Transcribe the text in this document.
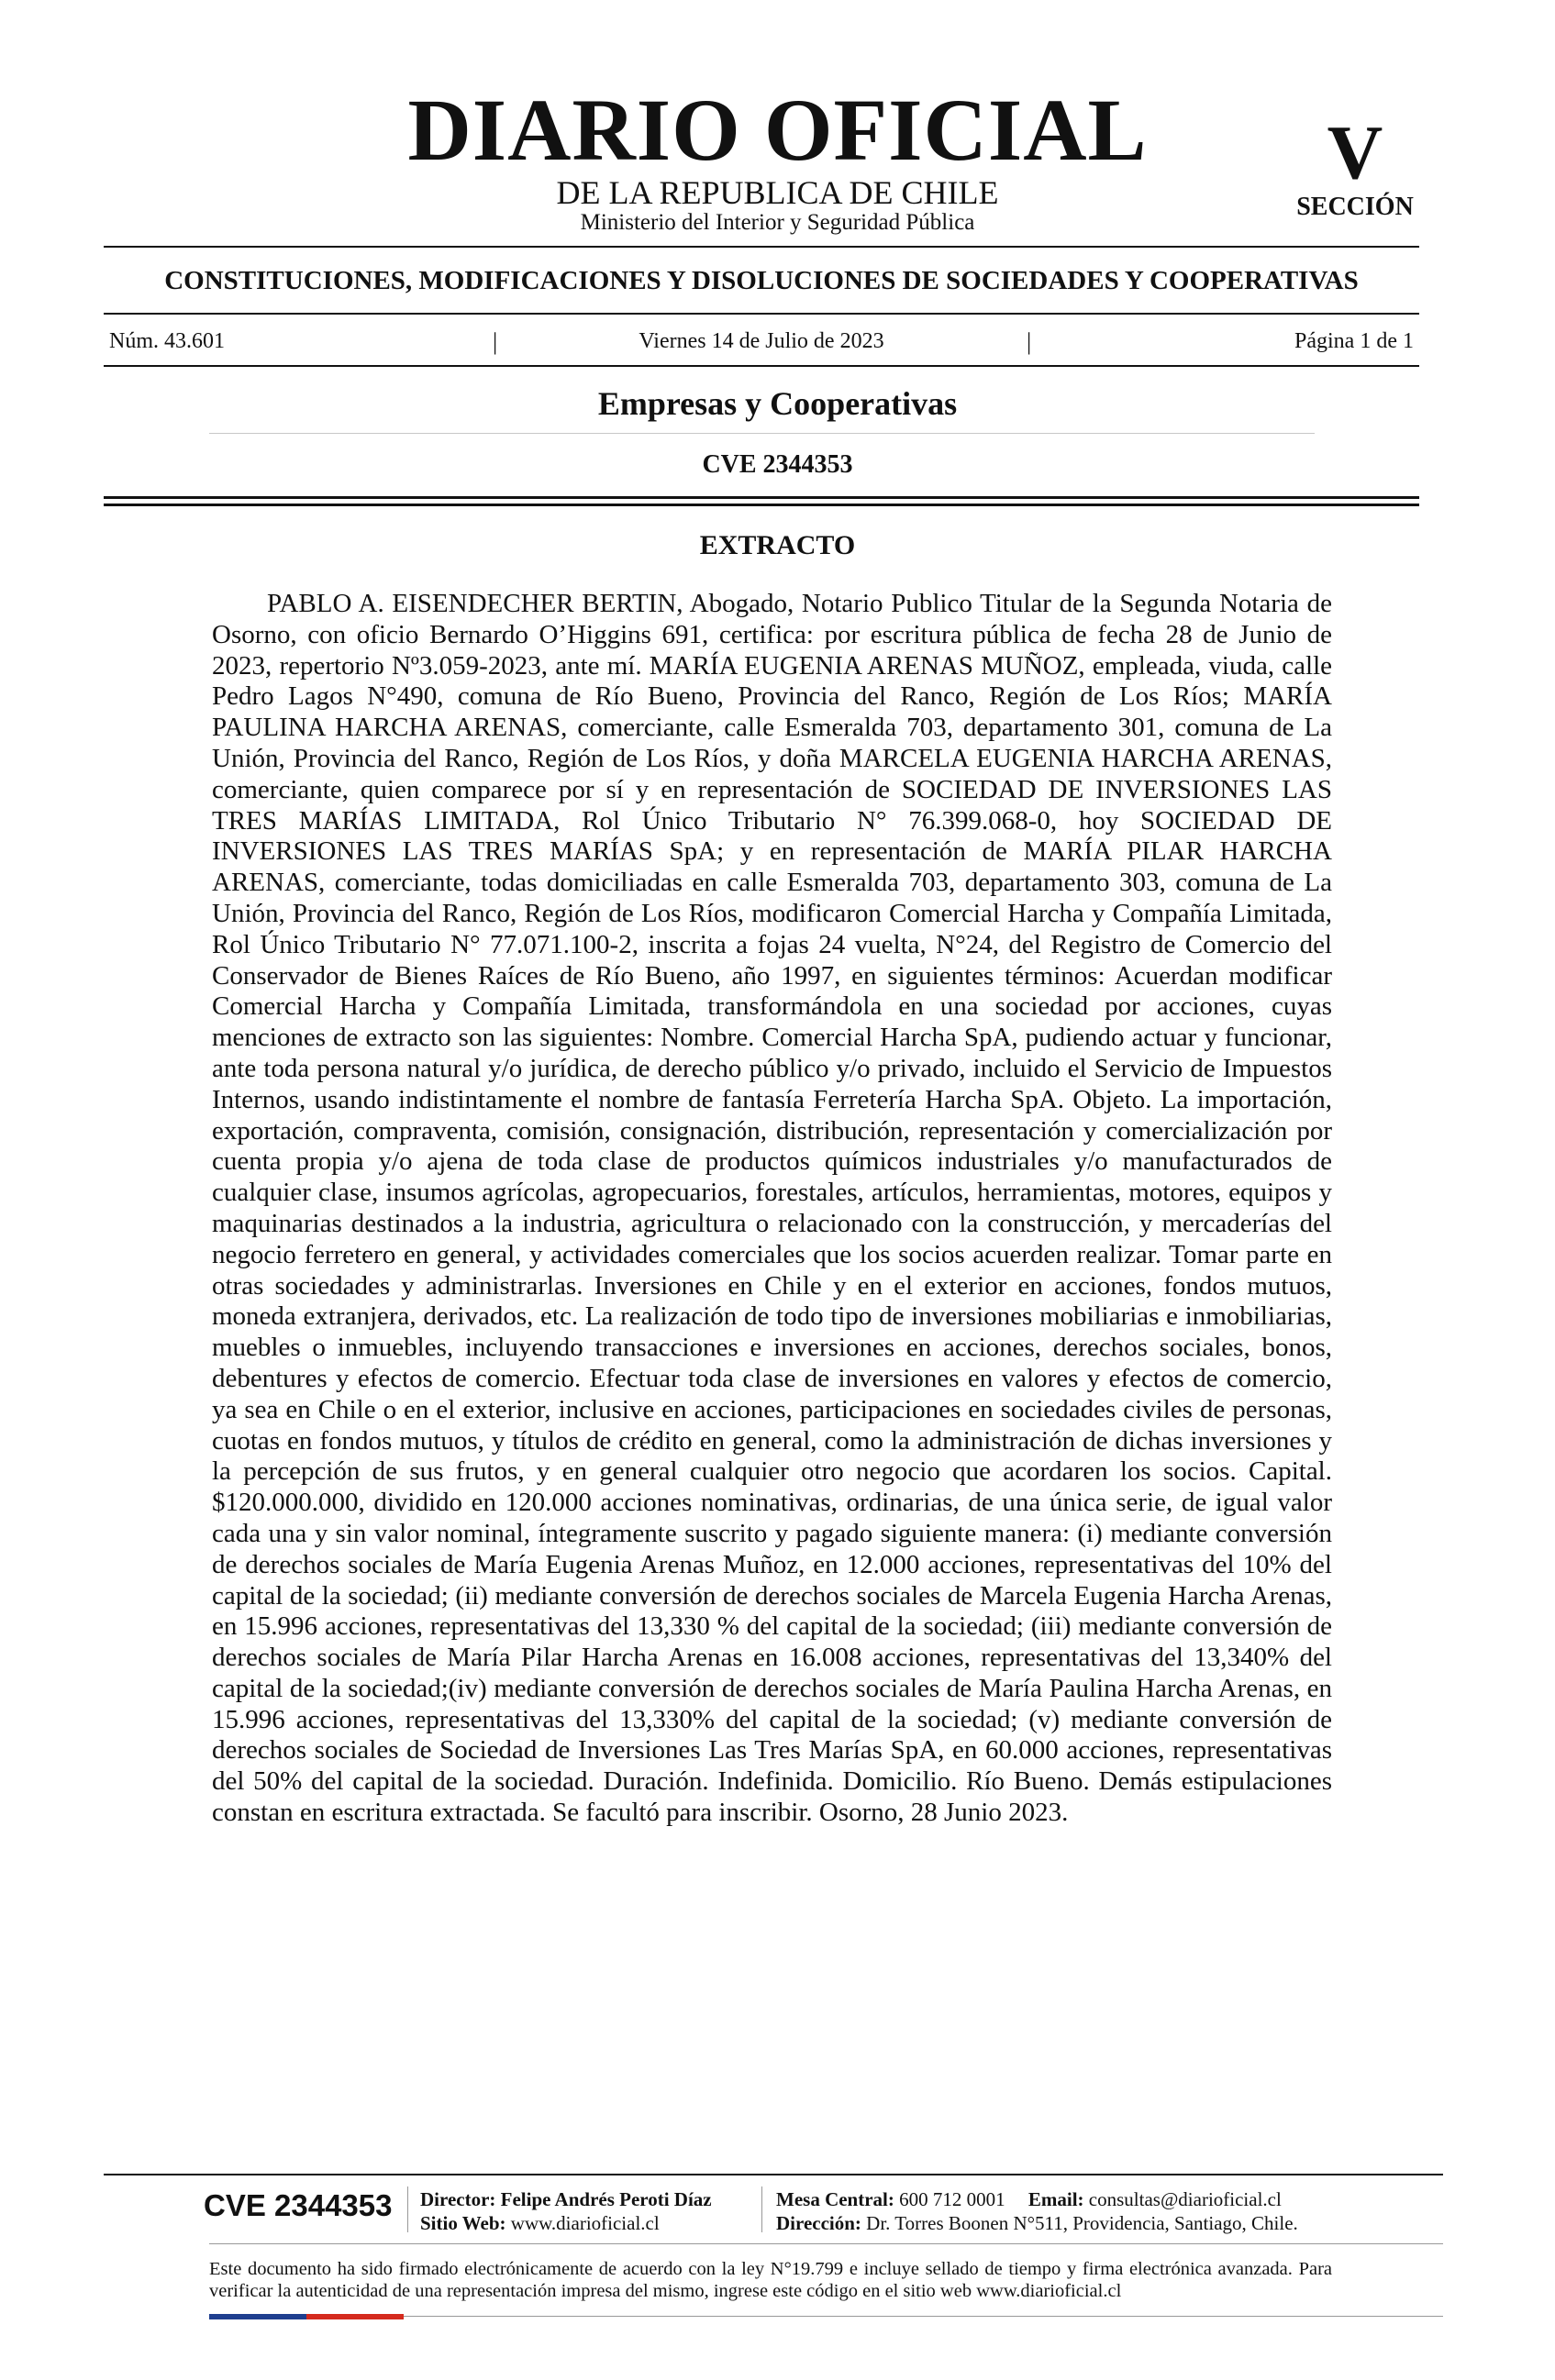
DIARIO OFICIAL
DE LA REPUBLICA DE CHILE
Ministerio del Interior y Seguridad Pública
V
SECCIÓN
CONSTITUCIONES, MODIFICACIONES Y DISOLUCIONES DE SOCIEDADES Y COOPERATIVAS
Núm. 43.601	|	Viernes 14 de Julio de 2023	|	Página 1 de 1
Empresas y Cooperativas
CVE 2344353
EXTRACTO

PABLO A. EISENDECHER BERTIN, Abogado, Notario Publico Titular de la Segunda Notaria de Osorno, con oficio Bernardo O’Higgins 691, certifica: por escritura pública de fecha 28 de Junio de 2023, repertorio Nº3.059-2023, ante mí. MARÍA EUGENIA ARENAS MUÑOZ, empleada, viuda, calle Pedro Lagos N°490, comuna de Río Bueno, Provincia del Ranco, Región de Los Ríos; MARÍA PAULINA HARCHA ARENAS, comerciante, calle Esmeralda 703, departamento 301, comuna de La Unión, Provincia del Ranco, Región de Los Ríos, y doña MARCELA EUGENIA HARCHA ARENAS, comerciante, quien comparece por sí y en representación de SOCIEDAD DE INVERSIONES LAS TRES MARÍAS LIMITADA, Rol Único Tributario N° 76.399.068-0, hoy SOCIEDAD DE INVERSIONES LAS TRES MARÍAS SpA; y en representación de MARÍA PILAR HARCHA ARENAS, comerciante, todas domiciliadas en calle Esmeralda 703, departamento 303, comuna de La Unión, Provincia del Ranco, Región de Los Ríos, modificaron Comercial Harcha y Compañía Limitada, Rol Único Tributario N° 77.071.100-2, inscrita a fojas 24 vuelta, N°24, del Registro de Comercio del Conservador de Bienes Raíces de Río Bueno, año 1997, en siguientes términos: Acuerdan modificar Comercial Harcha y Compañía Limitada, transformándola en una sociedad por acciones, cuyas menciones de extracto son las siguientes: Nombre. Comercial Harcha SpA, pudiendo actuar y funcionar, ante toda persona natural y/o jurídica, de derecho público y/o privado, incluido el Servicio de Impuestos Internos, usando indistintamente el nombre de fantasía Ferretería Harcha SpA. Objeto. La importación, exportación, compraventa, comisión, consignación, distribución, representación y comercialización por cuenta propia y/o ajena de toda clase de productos químicos industriales y/o manufacturados de cualquier clase, insumos agrícolas, agropecuarios, forestales, artículos, herramientas, motores, equipos y maquinarias destinados a la industria, agricultura o relacionado con la construcción, y mercaderías del negocio ferretero en general, y actividades comerciales que los socios acuerden realizar. Tomar parte en otras sociedades y administrarlas. Inversiones en Chile y en el exterior en acciones, fondos mutuos, moneda extranjera, derivados, etc. La realización de todo tipo de inversiones mobiliarias e inmobiliarias, muebles o inmuebles, incluyendo transacciones e inversiones en acciones, derechos sociales, bonos, debentures y efectos de comercio. Efectuar toda clase de inversiones en valores y efectos de comercio, ya sea en Chile o en el exterior, inclusive en acciones, participaciones en sociedades civiles de personas, cuotas en fondos mutuos, y títulos de crédito en general, como la administración de dichas inversiones y la percepción de sus frutos, y en general cualquier otro negocio que acordaren los socios. Capital. $120.000.000, dividido en 120.000 acciones nominativas, ordinarias, de una única serie, de igual valor cada una y sin valor nominal, íntegramente suscrito y pagado siguiente manera: (i) mediante conversión de derechos sociales de María Eugenia Arenas Muñoz, en 12.000 acciones, representativas del 10% del capital de la sociedad; (ii) mediante conversión de derechos sociales de Marcela Eugenia Harcha Arenas, en 15.996 acciones, representativas del 13,330 % del capital de la sociedad; (iii) mediante conversión de derechos sociales de María Pilar Harcha Arenas en 16.008 acciones, representativas del 13,340% del capital de la sociedad;(iv) mediante conversión de derechos sociales de María Paulina Harcha Arenas, en 15.996 acciones, representativas del 13,330% del capital de la sociedad; (v) mediante conversión de derechos sociales de Sociedad de Inversiones Las Tres Marías SpA, en 60.000 acciones, representativas del 50% del capital de la sociedad. Duración. Indefinida. Domicilio. Río Bueno. Demás estipulaciones constan en escritura extractada. Se facultó para inscribir. Osorno, 28 Junio 2023.

CVE 2344353 Director: Felipe Andrés Peroti Díaz
Sitio Web: www.diarioficial.cl
Mesa Central: 600 712 0001 Email: consultas@diarioficial.cl
Dirección: Dr. Torres Boonen N°511, Providencia, Santiago, Chile.

Este documento ha sido firmado electrónicamente de acuerdo con la ley N°19.799 e incluye sellado de tiempo y firma electrónica avanzada. Para verificar la autenticidad de una representación impresa del mismo, ingrese este código en el sitio web www.diarioficial.cl
